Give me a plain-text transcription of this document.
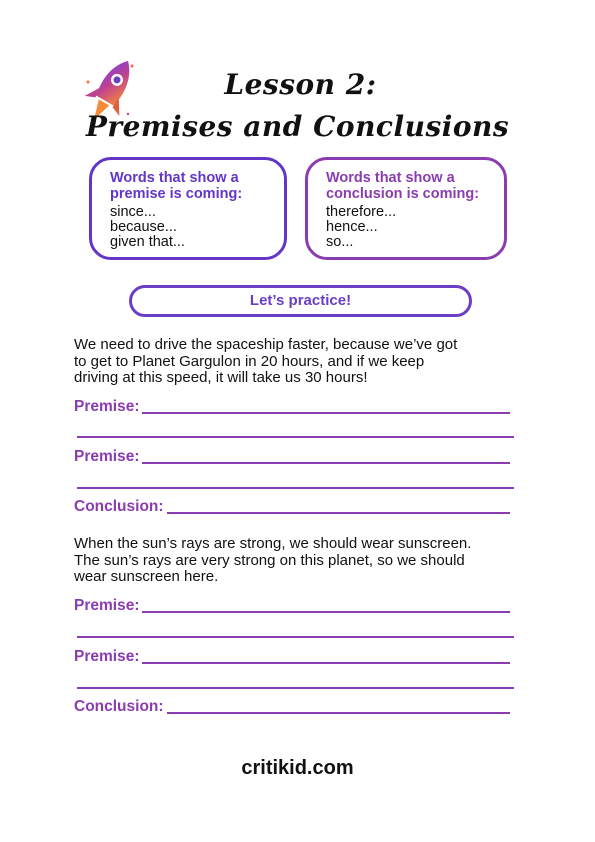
Lesson 2:
Premises and Conclusions
Words that show a
premise is coming:
since...
because...
given that...
Words that show a
conclusion is coming:
therefore...
hence...
so...
Let’s practice!
We need to drive the spaceship faster, because we’ve got
to get to Planet Gargulon in 20 hours, and if we keep
driving at this speed, it will take us 30 hours!
Premise:
Premise:
Conclusion:
When the sun’s rays are strong, we should wear sunscreen.
The sun’s rays are very strong on this planet, so we should
wear sunscreen here.
Premise:
Premise:
Conclusion:
critikid.com
